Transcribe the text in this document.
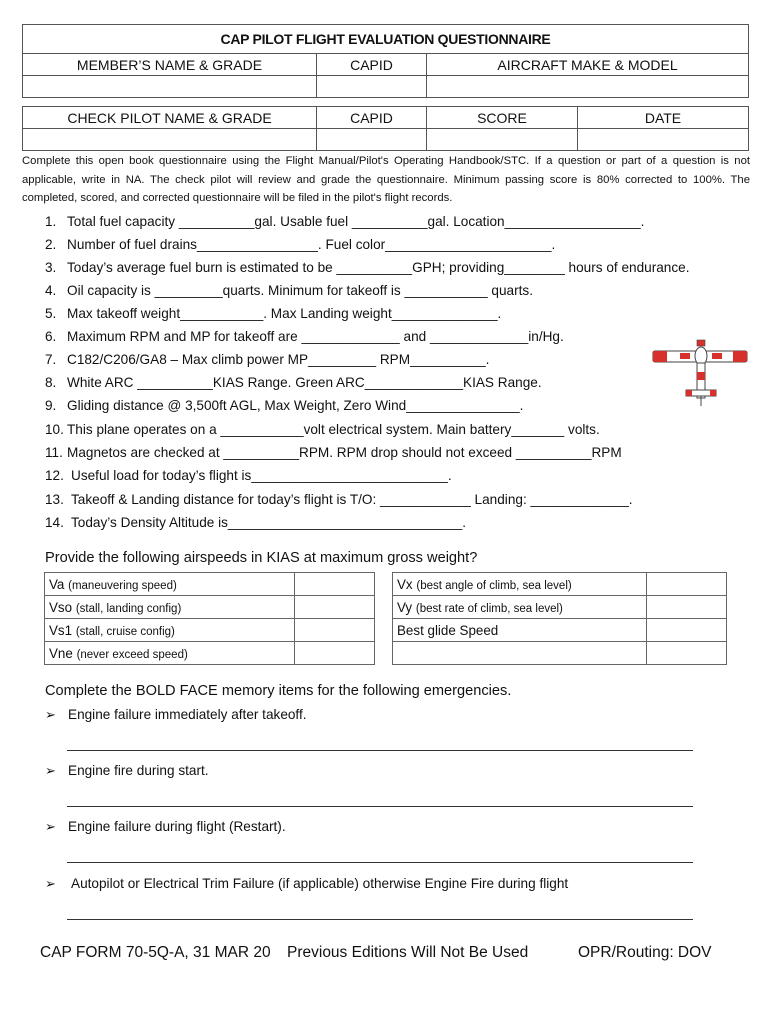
CAP PILOT FLIGHT EVALUATION QUESTIONNAIRE		
MEMBER’S NAME & GRADE	CAPID	AIRCRAFT MAKE & MODEL

CHECK PILOT NAME & GRADE	CAPID	SCORE	DATE

Complete this open book questionnaire using the Flight Manual/Pilot's Operating Handbook/STC. If a question or part of a question is not applicable, write in NA. The check pilot will review and grade the questionnaire. Minimum passing score is 80% corrected to 100%. The completed, scored, and corrected questionnaire will be filed in the pilot's flight records.
1. Total fuel capacity __________gal. Usable fuel __________gal. Location__________________.
2. Number of fuel drains________________. Fuel color______________________.
3. Today’s average fuel burn is estimated to be __________GPH; providing________ hours of endurance.
4. Oil capacity is _________quarts. Minimum for takeoff is ___________ quarts.
5. Max takeoff weight___________. Max Landing weight______________.
6. Maximum RPM and MP for takeoff are _____________ and _____________in/Hg.
7. C182/C206/GA8 – Max climb power MP_________ RPM__________.
8. White ARC __________KIAS Range. Green ARC_____________KIAS Range.
9. Gliding distance @ 3,500ft AGL, Max Weight, Zero Wind_______________.
10. This plane operates on a ___________volt electrical system. Main battery_______ volts.
11. Magnetos are checked at __________RPM. RPM drop should not exceed __________RPM
12. Useful load for today’s flight is__________________________.
13. Takeoff & Landing distance for today’s flight is T/O: ____________ Landing: _____________.
14. Today’s Density Altitude is_______________________________.
Provide the following airspeeds in KIAS at maximum gross weight?
Va (maneuvering speed)	
Vso (stall, landing config)	
Vs1 (stall, cruise config)	
Vne (never exceed speed)	
Vx (best angle of climb, sea level)	
Vy (best rate of climb, sea level)	
Best glide Speed	

Complete the BOLD FACE memory items for the following emergencies.
➢ Engine failure immediately after takeoff.
➢ Engine fire during start.
➢ Engine failure during flight (Restart).
➢ Autopilot or Electrical Trim Failure (if applicable) otherwise Engine Fire during flight
CAP FORM 70-5Q-A, 31 MAR 20 Previous Editions Will Not Be Used	OPR/Routing: DOV
